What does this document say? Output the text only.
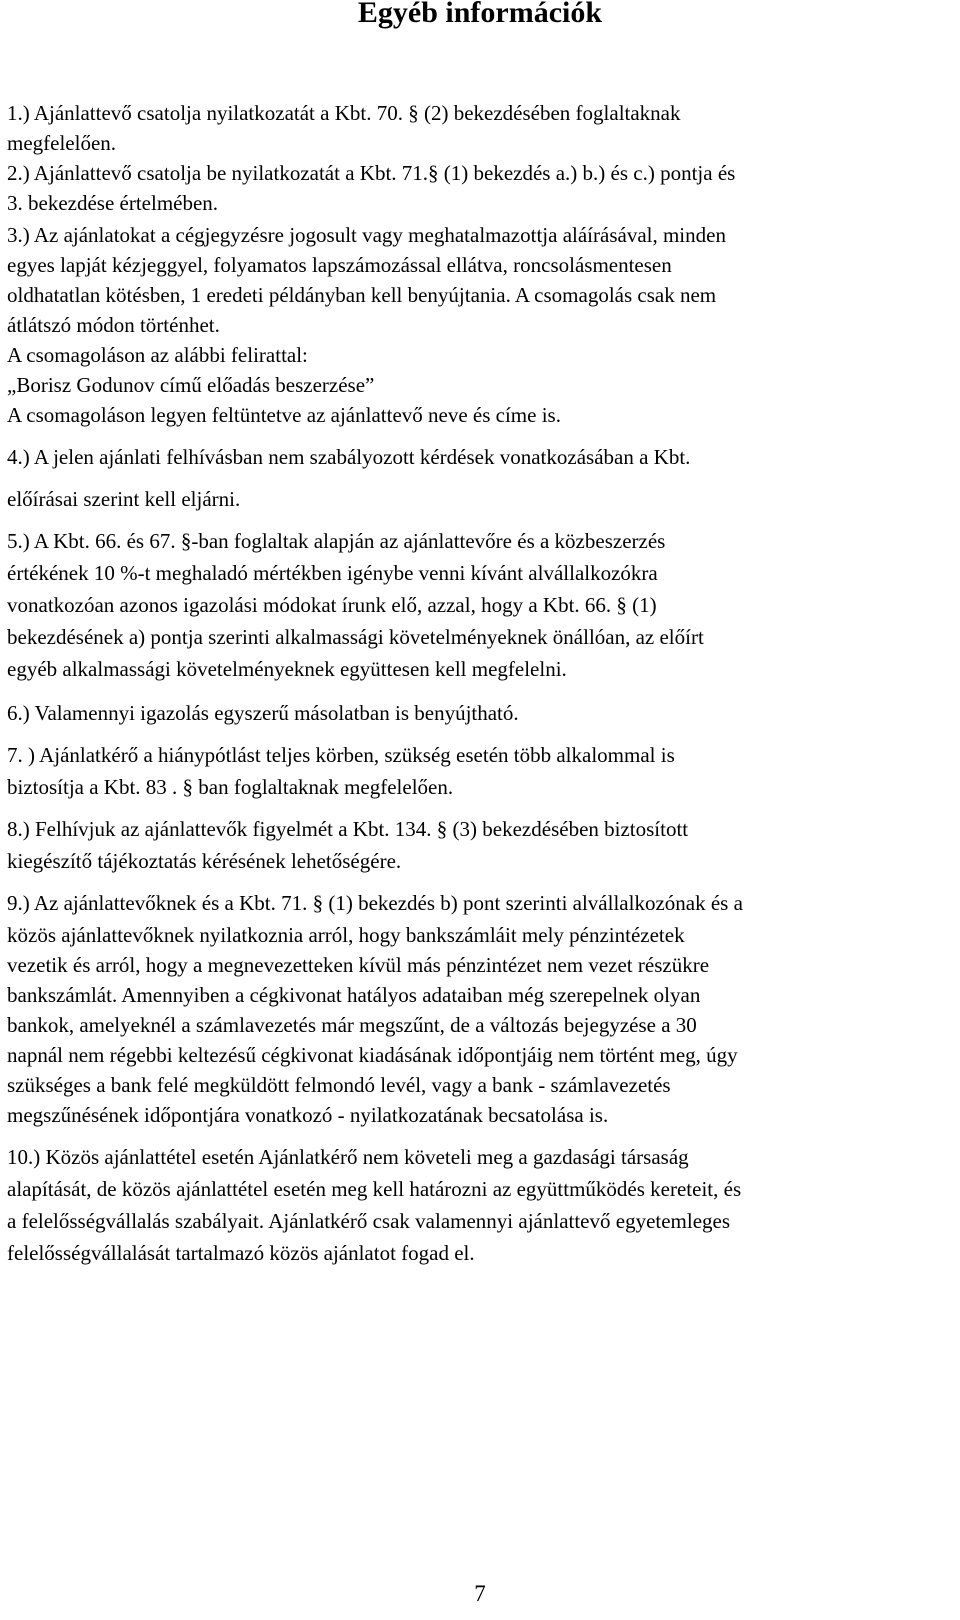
Egyéb információk

1.) Ajánlattevő csatolja nyilatkozatát a Kbt. 70. § (2) bekezdésében foglaltaknak

megfelelően.

2.) Ajánlattevő csatolja be nyilatkozatát a Kbt. 71.§ (1) bekezdés a.) b.) és c.) pontja és

3. bekezdése értelmében.

3.) Az ajánlatokat a cégjegyzésre jogosult vagy meghatalmazottja aláírásával, minden

egyes lapját kézjeggyel, folyamatos lapszámozással ellátva, roncsolásmentesen

oldhatatlan kötésben, 1 eredeti példányban kell benyújtania. A csomagolás csak nem

átlátszó módon történhet.

A csomagoláson az alábbi felirattal:

„Borisz Godunov című előadás beszerzése”

A csomagoláson legyen feltüntetve az ajánlattevő neve és címe is.

4.) A jelen ajánlati felhívásban nem szabályozott kérdések vonatkozásában a Kbt.

előírásai szerint kell eljárni.

5.) A Kbt. 66. és 67. §-ban foglaltak alapján az ajánlattevőre és a közbeszerzés

értékének 10 %-t meghaladó mértékben igénybe venni kívánt alvállalkozókra

vonatkozóan azonos igazolási módokat írunk elő, azzal, hogy a Kbt. 66. § (1)

bekezdésének a) pontja szerinti alkalmassági követelményeknek önállóan, az előírt

egyéb alkalmassági követelményeknek együttesen kell megfelelni.

6.) Valamennyi igazolás egyszerű másolatban is benyújtható.

7. ) Ajánlatkérő a hiánypótlást teljes körben, szükség esetén több alkalommal is

biztosítja a Kbt. 83 . § ban foglaltaknak megfelelően.

8.) Felhívjuk az ajánlattevők figyelmét a Kbt. 134. § (3) bekezdésében biztosított

kiegészítő tájékoztatás kérésének lehetőségére.

9.) Az ajánlattevőknek és a Kbt. 71. § (1) bekezdés b) pont szerinti alvállalkozónak és a

közös ajánlattevőknek nyilatkoznia arról, hogy bankszámláit mely pénzintézetek

vezetik és arról, hogy a megnevezetteken kívül más pénzintézet nem vezet részükre

bankszámlát. Amennyiben a cégkivonat hatályos adataiban még szerepelnek olyan

bankok, amelyeknél a számlavezetés már megszűnt, de a változás bejegyzése a 30

napnál nem régebbi keltezésű cégkivonat kiadásának időpontjáig nem történt meg, úgy

szükséges a bank felé megküldött felmondó levél, vagy a bank - számlavezetés

megszűnésének időpontjára vonatkozó - nyilatkozatának becsatolása is.

10.) Közös ajánlattétel esetén Ajánlatkérő nem követeli meg a gazdasági társaság

alapítását, de közös ajánlattétel esetén meg kell határozni az együttműködés kereteit, és

a felelősségvállalás szabályait. Ajánlatkérő csak valamennyi ajánlattevő egyetemleges

felelősségvállalását tartalmazó közös ajánlatot fogad el.

7
